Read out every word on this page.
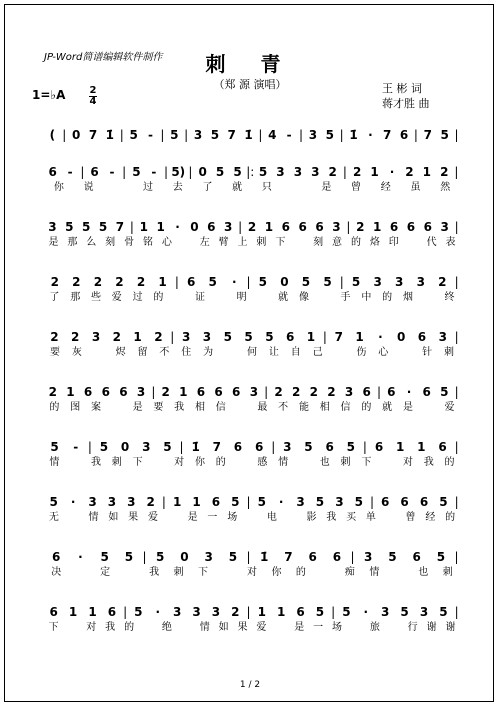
JP-Word简谱编辑软件制作	刺 青
（郑 源 演唱）	王 彬 词
蒋才胜 曲
1=♭A 2
4
( | 0 7 1̇ | 5 - | 5 | 3 5 7 1̇ | 4 - | 3 5 | 1̇ · 7 6 | 7 5 |
6 - | 6 - | 5 - | 5) | 0 5 5 |: 5 3 3 3 2 | 2 1 · 2 1 2 |
你	说	过	去	了	就	只	是	曾	经	虽	然
3 5 5 5 7 | 1 1 · 0 6 3 | 2 1 6 6 6 3 | 2 1 6 6 6 3 |
是 那 么 刻 骨 铭 心	左 臂 上 刺 下	刻 意 的 烙 印	代 表
2	2	2	2	2	1 | 6	5	· | 5	0	5	5 | 5	3	3	3	2 |
了	那	些	爱	过	的	证	明	就	像	手	中	的	烟	终
2	2	3	2	1	2 | 3	3	5	5	5	6	1 | 7	1	·	0	6	3 |
要	灰	烬	留	不	住	为	何	让	自	己	伤	心	针	刺
2 1 6 6 6 3 | 2 1 6 6 6 3 | 2 2 2 2 3 6 | 6 · 6 5 |
的	图	案	是	要	我	相	信	最	不	能	相	信	的	就	是	爱
5	- | 5	0	3	5 | 1̇	7	6	6 | 3	5	6	5 | 6	1	1	6 |
情	我	刺	下	对	你	的	感	情	也	刺	下	对	我	的
5	·	3 3 3 2 | 1 1 6 5 | 5	·	3 5 3 5 | 6 6 6 5 |
无	情 如 果 爱	是 一 场	电	影 我 买 单	曾 经 的
6	·	5	5 | 5	0	3	5 | 1̇	7	6	6 | 3	5	6	5 |
决	定	我	刺	下	对	你	的	痴	情	也	刺
6 1 1 6 | 5	·	3 3 3 2 | 1 1 6 5 | 5	·	3 5 3 5 |
下	对 我 的	绝	情 如 果 爱	是 一 场	旅	行 谢 谢
1 / 2
